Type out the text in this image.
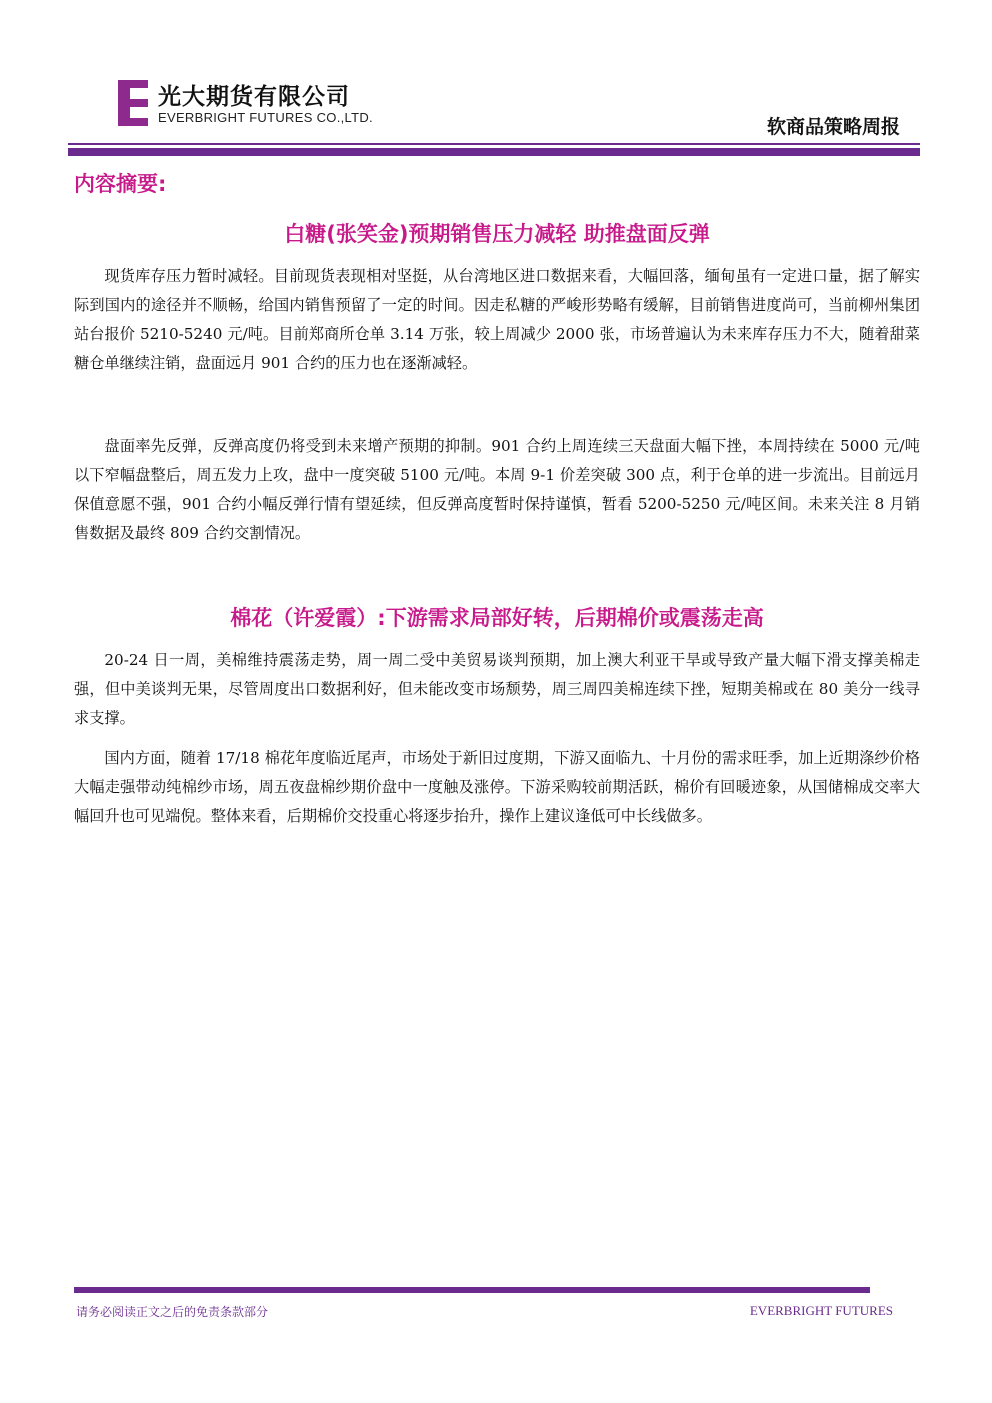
光大期货有限公司
EVERBRIGHT FUTURES CO.,LTD.	软商品策略周报
内容摘要:
白糖(张笑金)预期销售压力减轻 助推盘面反弹

现货库存压力暂时减轻。目前现货表现相对坚挺，从台湾地区进口数据来看，大幅回落，缅甸虽有一定进口量，据了解实际到国内的途径并不顺畅，给国内销售预留了一定的时间。因走私糖的严峻形势略有缓解，目前销售进度尚可，当前柳州集团站台报价 5210-5240 元/吨。目前郑商所仓单 3.14 万张，较上周减少 2000 张，市场普遍认为未来库存压力不大，随着甜菜糖仓单继续注销，盘面远月 901 合约的压力也在逐渐减轻。

盘面率先反弹，反弹高度仍将受到未来增产预期的抑制。901 合约上周连续三天盘面大幅下挫，本周持续在 5000 元/吨以下窄幅盘整后，周五发力上攻，盘中一度突破 5100 元/吨。本周 9-1 价差突破 300 点，利于仓单的进一步流出。目前远月保值意愿不强，901 合约小幅反弹行情有望延续，但反弹高度暂时保持谨慎，暂看 5200-5250 元/吨区间。未来关注 8 月销售数据及最终 809 合约交割情况。

棉花（许爱霞）:下游需求局部好转，后期棉价或震荡走高

20-24 日一周，美棉维持震荡走势，周一周二受中美贸易谈判预期，加上澳大利亚干旱或导致产量大幅下滑支撑美棉走强，但中美谈判无果，尽管周度出口数据利好，但未能改变市场颓势，周三周四美棉连续下挫，短期美棉或在 80 美分一线寻求支撑。

国内方面，随着 17/18 棉花年度临近尾声，市场处于新旧过度期，下游又面临九、十月份的需求旺季，加上近期涤纱价格大幅走强带动纯棉纱市场，周五夜盘棉纱期价盘中一度触及涨停。下游采购较前期活跃，棉价有回暖迹象，从国储棉成交率大幅回升也可见端倪。整体来看，后期棉价交投重心将逐步抬升，操作上建议逢低可中长线做多。

请务必阅读正文之后的免责条款部分	EVERBRIGHT FUTURES
